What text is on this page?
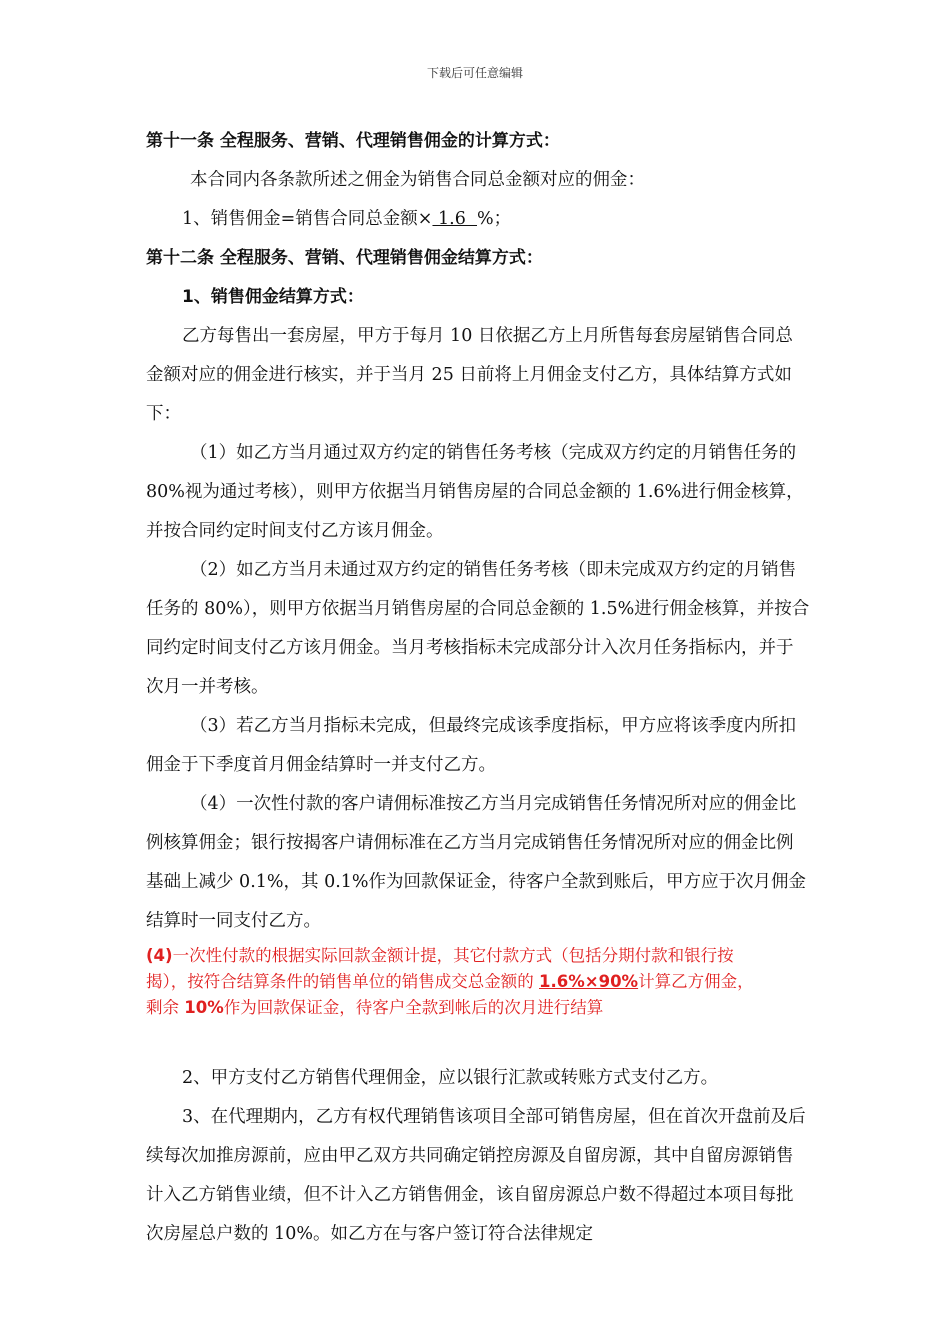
下载后可任意编辑

第十一条 全程服务、营销、代理销售佣金的计算方式：

本合同内各条款所述之佣金为销售合同总金额对应的佣金：

1、销售佣金=销售合同总金额× 1.6  %；

第十二条 全程服务、营销、代理销售佣金结算方式：

1、销售佣金结算方式：

乙方每售出一套房屋，甲方于每月 10 日依据乙方上月所售每套房屋销售合同总金额对应的佣金进行核实，并于当月 25 日前将上月佣金支付乙方，具体结算方式如下：

（1）如乙方当月通过双方约定的销售任务考核（完成双方约定的月销售任务的 80%视为通过考核），则甲方依据当月销售房屋的合同总金额的 1.6%进行佣金核算，并按合同约定时间支付乙方该月佣金。

（2）如乙方当月未通过双方约定的销售任务考核（即未完成双方约定的月销售任务的 80%），则甲方依据当月销售房屋的合同总金额的 1.5%进行佣金核算，并按合同约定时间支付乙方该月佣金。当月考核指标未完成部分计入次月任务指标内，并于次月一并考核。

（3）若乙方当月指标未完成，但最终完成该季度指标，甲方应将该季度内所扣佣金于下季度首月佣金结算时一并支付乙方。

（4）一次性付款的客户请佣标准按乙方当月完成销售任务情况所对应的佣金比例核算佣金；银行按揭客户请佣标准在乙方当月完成销售任务情况所对应的佣金比例基础上减少 0.1%，其 0.1%作为回款保证金，待客户全款到账后，甲方应于次月佣金结算时一同支付乙方。

(4)一次性付款的根据实际回款金额计提，其它付款方式（包括分期付款和银行按揭），按符合结算条件的销售单位的销售成交总金额的 1.6%×90%计算乙方佣金，剩余 10%作为回款保证金，待客户全款到帐后的次月进行结算

2、甲方支付乙方销售代理佣金，应以银行汇款或转账方式支付乙方。

3、在代理期内，乙方有权代理销售该项目全部可销售房屋，但在首次开盘前及后续每次加推房源前，应由甲乙双方共同确定销控房源及自留房源，其中自留房源销售计入乙方销售业绩，但不计入乙方销售佣金，该自留房源总户数不得超过本项目每批次房屋总户数的 10%。如乙方在与客户签订符合法律规定
